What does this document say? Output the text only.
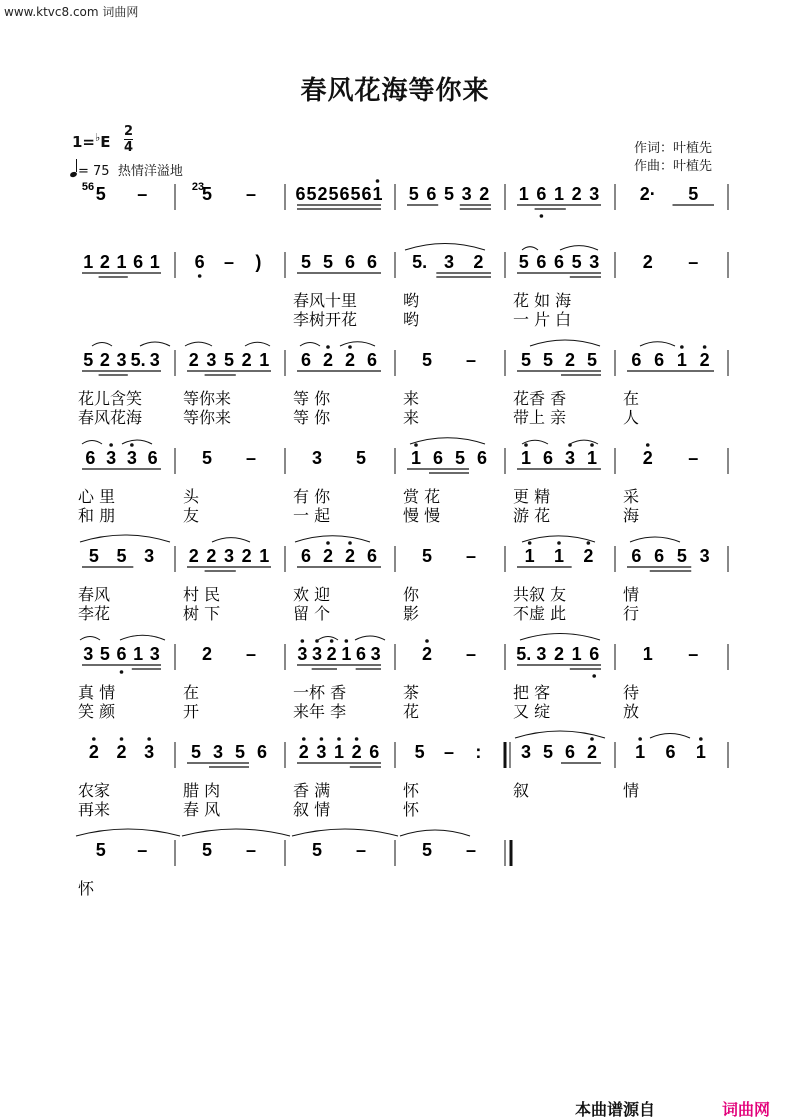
www.ktvc8.com 词曲网
春风花海等你来
$1=^♭E \frac{2}{4}$
= 75 热情洋溢地
作词：叶植先
作曲：叶植先
5 –	5 – 6 5 2 5 6 5 6 1 5 6 5 3 2 1 6 1 2 3 2· 5
1 2 1 6 1 6 – ) 5 5 6 6
春风十里
李树开花
5. 3 2
哟
哟
5 6 6 5 3
花 如 海
一 片 白
2 –
5 2 3 5. 3
花儿含笑
春风花海
2 3 5 2 1
等你来
等你来
6 2 2 6
等 你
等 你
5 –
来
来
5 5 2 5
花香 香
带上 亲
6 6 1 2
在
人
6 3 3 6
心 里
和 朋
5 –
头
友
3 5
有 你
一 起
1 6 5 6
赏 花
慢 慢
1 6 3 1
更 精
游 花
2 –
采
海
5 5 3
春风
李花
2 2 3 2 1
村 民
树 下
6 2 2 6
欢 迎
留 个
5 –
你
影
1 1 2
共叙 友
不虚 此
6 6 5 3
情
行
3 5 6 1 3
真 情
笑 颜
2 –
在
开
3 3 2 1 6 3
一杯 香
来年 李
2 –
茶
花
5. 3 2 1 6
把 客
又 绽
1 –
待
放
2 2 3
农家
再来
5 3 5 6
腊 肉
春 风
2 3 1 2 6
香 满
叙 情
5 – :
怀
怀
3 5 6 2
叙
1 6 1
情
5 –
怀
5 –	5 –	5 –
56	23
本曲谱源自	词曲网
